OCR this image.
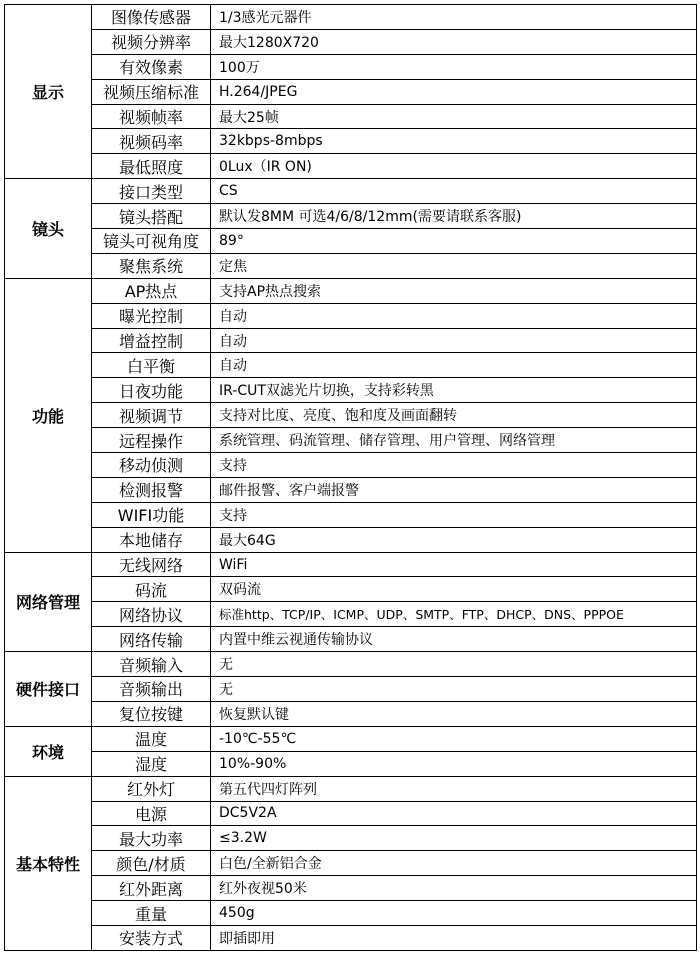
显示	图像传感器	1/3感光元器件
	视频分辨率	最大1280X720
	有效像素	100万
	视频压缩标准	H.264/JPEG
	视频帧率	最大25帧
	视频码率	32kbps-8mbps
	最低照度	0Lux（IR ON)
镜头	接口类型	CS
	镜头搭配	默认发8MM 可选4/6/8/12mm(需要请联系客服)
	镜头可视角度	89°
	聚焦系统	定焦
功能	AP热点	支持AP热点搜索
	曝光控制	自动
	增益控制	自动
	白平衡	自动
	日夜功能	IR-CUT双滤光片切换，支持彩转黑
	视频调节	支持对比度、亮度、饱和度及画面翻转
	远程操作	系统管理、码流管理、储存管理、用户管理、网络管理
	移动侦测	支持
	检测报警	邮件报警、客户端报警
	WIFI功能	支持
	本地储存	最大64G
网络管理	无线网络	WiFi
	码流	双码流
	网络协议	标准http、TCP/IP、ICMP、UDP、SMTP、FTP、DHCP、DNS、PPPOE
	网络传输	内置中维云视通传输协议
硬件接口	音频输入	无
	音频输出	无
	复位按键	恢复默认键
环境	温度	-10℃-55℃
	湿度	10%-90%
基本特性	红外灯	第五代四灯阵列
	电源	DC5V2A
	最大功率	≤3.2W
	颜色/材质	白色/全新铝合金
	红外距离	红外夜视50米
	重量	450g
	安装方式	即插即用
